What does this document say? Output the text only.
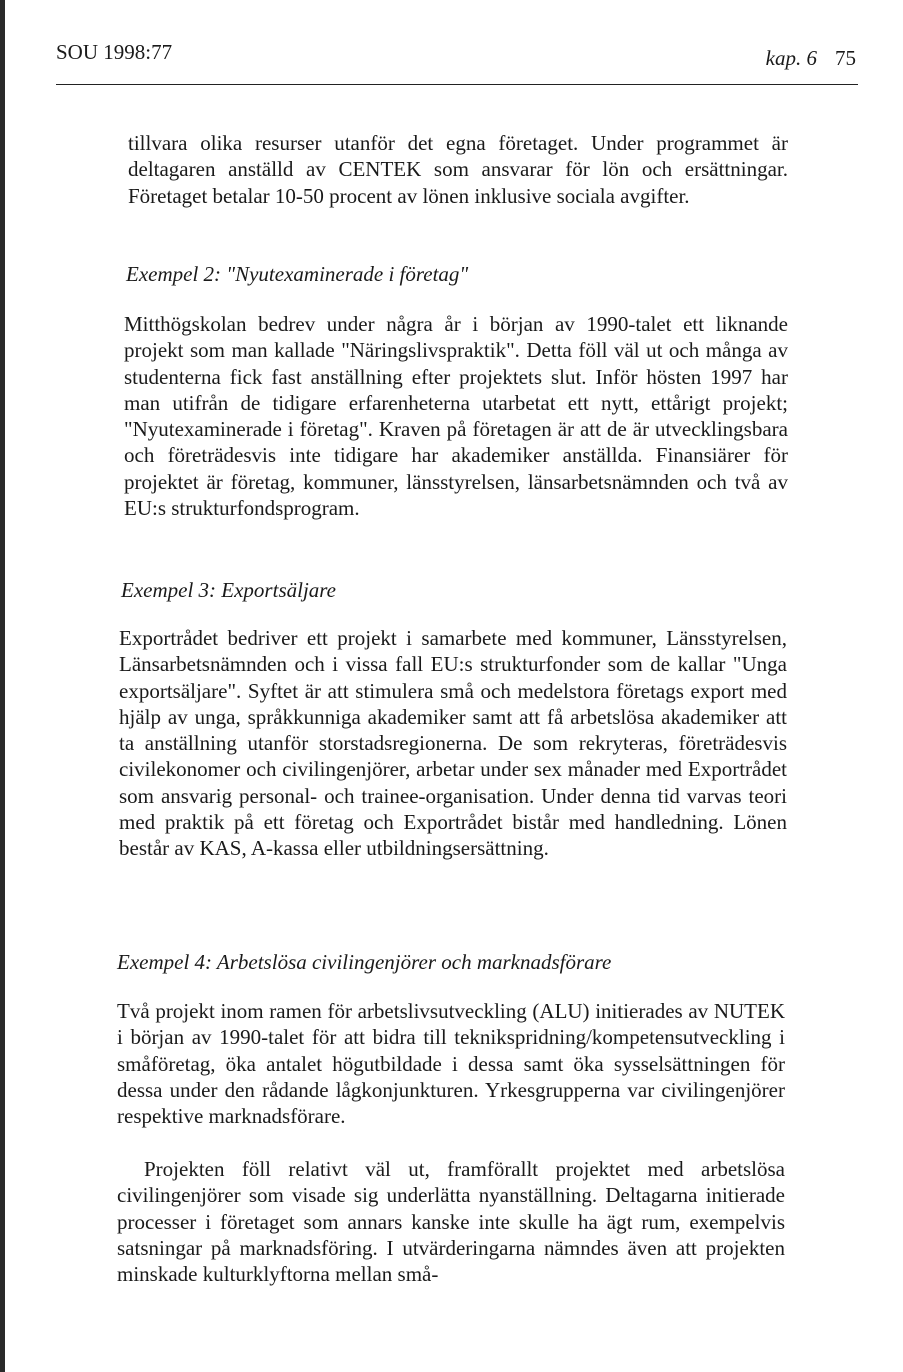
SOU 1998:77	kap. 6 75

tillvara olika resurser utanför det egna företaget. Under programmet är deltagaren anställd av CENTEK som ansvarar för lön och ersättningar. Företaget betalar 10-50 procent av lönen inklusive sociala avgifter.

Exempel 2: "Nyutexaminerade i företag"

Mitthögskolan bedrev under några år i början av 1990-talet ett liknande projekt som man kallade "Näringslivspraktik". Detta föll väl ut och många av studenterna fick fast anställning efter projektets slut. Inför hösten 1997 har man utifrån de tidigare erfarenheterna utarbetat ett nytt, ettårigt projekt; "Nyutexaminerade i företag". Kraven på företagen är att de är utvecklingsbara och företrädesvis inte tidigare har akademiker anställda. Finansiärer för projektet är företag, kommuner, länsstyrelsen, länsarbetsnämnden och två av EU:s strukturfondsprogram.

Exempel 3: Exportsäljare

Exportrådet bedriver ett projekt i samarbete med kommuner, Länsstyrelsen, Länsarbetsnämnden och i vissa fall EU:s strukturfonder som de kallar "Unga exportsäljare". Syftet är att stimulera små och medelstora företags export med hjälp av unga, språkkunniga akademiker samt att få arbetslösa akademiker att ta anställning utanför storstadsregionerna. De som rekryteras, företrädesvis civilekonomer och civilingenjörer, arbetar under sex månader med Exportrådet som ansvarig personal- och trainee-organisation. Under denna tid varvas teori med praktik på ett företag och Exportrådet bistår med handledning. Lönen består av KAS, A-kassa eller utbildningsersättning.

Exempel 4: Arbetslösa civilingenjörer och marknadsförare

Två projekt inom ramen för arbetslivsutveckling (ALU) initierades av NUTEK i början av 1990-talet för att bidra till teknikspridning/kompetensutveckling i småföretag, öka antalet högutbildade i dessa samt öka sysselsättningen för dessa under den rådande lågkonjunkturen. Yrkesgrupperna var civilingenjörer respektive marknadsförare.

Projekten föll relativt väl ut, framförallt projektet med arbetslösa civilingenjörer som visade sig underlätta nyanställning. Deltagarna initierade processer i företaget som annars kanske inte skulle ha ägt rum, exempelvis satsningar på marknadsföring. I utvärderingarna nämndes även att projekten minskade kulturklyftorna mellan små-
